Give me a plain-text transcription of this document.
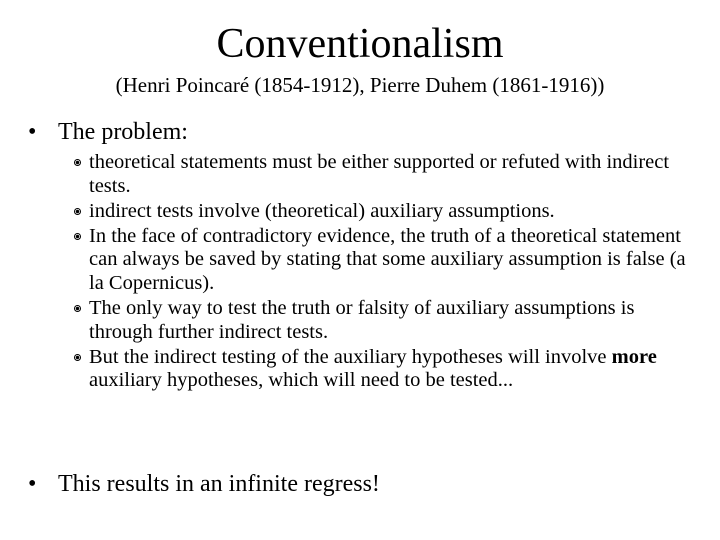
Conventionalism

(Henri Poincaré (1854-1912), Pierre Duhem (1861-1916))

• The problem:
theoretical statements must be either supported or refuted with indirect tests.
indirect tests involve (theoretical) auxiliary assumptions.
In the face of contradictory evidence, the truth of a theoretical statement can always be saved by stating that some auxiliary assumption is false (a la Copernicus).
The only way to test the truth or falsity of auxiliary assumptions is through further indirect tests.
But the indirect testing of the auxiliary hypotheses will involve more auxiliary hypotheses, which will need to be tested...
• This results in an infinite regress!
